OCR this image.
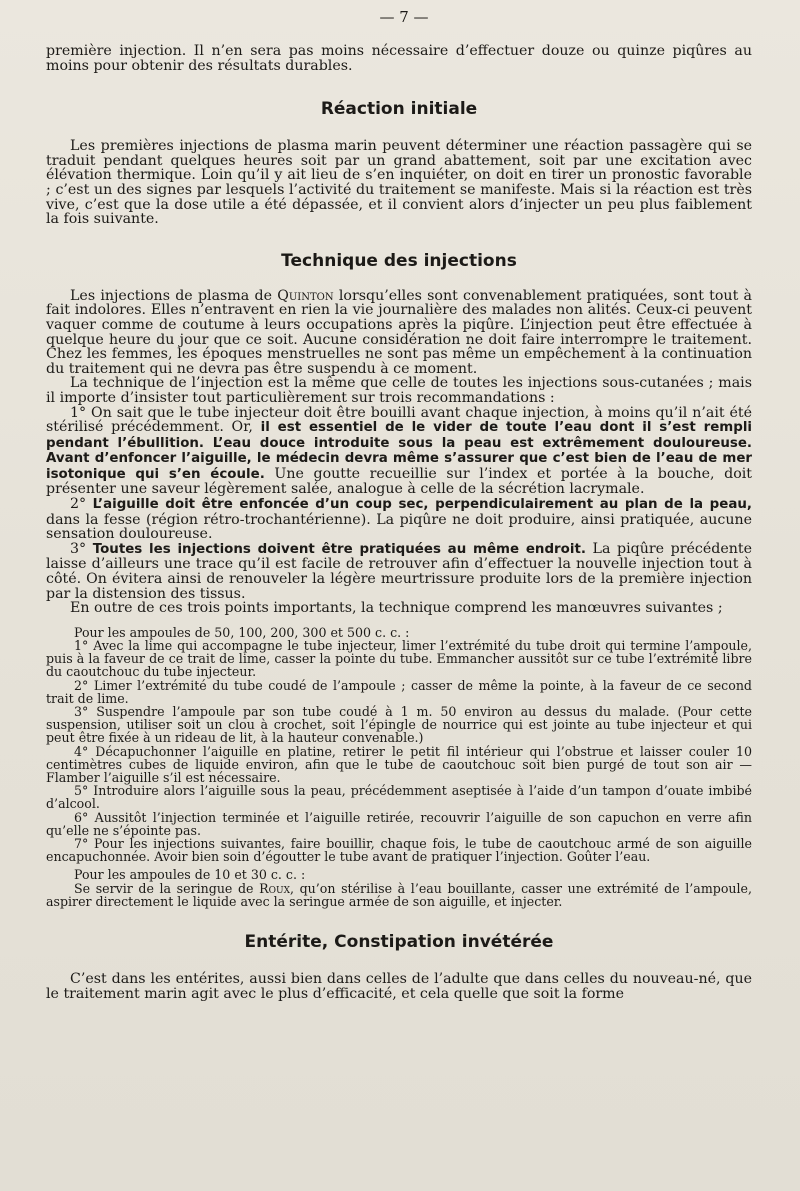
— 7 —

première injection. Il n’en sera pas moins nécessaire d’effectuer douze ou quinze piqûres au moins pour obtenir des résultats durables.

Réaction initiale

Les premières injections de plasma marin peuvent déterminer une réaction passagère qui se traduit pendant quelques heures soit par un grand abattement, soit par une excitation avec élévation thermique. Loin qu’il y ait lieu de s’en inquiéter, on doit en tirer un pronostic favorable ; c’est un des signes par lesquels l’activité du traitement se manifeste. Mais si la réaction est très vive, c’est que la dose utile a été dépassée, et il convient alors d’injecter un peu plus faiblement la fois suivante.

Technique des injections

Les injections de plasma de Quinton lorsqu’elles sont convenablement pratiquées, sont tout à fait indolores. Elles n’entravent en rien la vie journalière des malades non alités. Ceux-ci peuvent vaquer comme de coutume à leurs occupations après la piqûre. L’injection peut être effectuée à quelque heure du jour que ce soit. Aucune considération ne doit faire interrompre le traitement. Chez les femmes, les époques menstruelles ne sont pas même un empêchement à la continuation du traitement qui ne devra pas être suspendu à ce moment.

La technique de l’injection est la même que celle de toutes les injections sous-cutanées ; mais il importe d’insister tout particulièrement sur trois recommandations :

1° On sait que le tube injecteur doit être bouilli avant chaque injection, à moins qu’il n’ait été stérilisé précédemment. Or, il est essentiel de le vider de toute l’eau dont il s’est rempli pendant l’ébullition. L’eau douce introduite sous la peau est extrêmement douloureuse. Avant d’enfoncer l’aiguille, le médecin devra même s’assurer que c’est bien de l’eau de mer isotonique qui s’en écoule. Une goutte recueillie sur l’index et portée à la bouche, doit présenter une saveur légèrement salée, analogue à celle de la sécrétion lacrymale.

2° L’aiguille doit être enfoncée d’un coup sec, perpendiculairement au plan de la peau, dans la fesse (région rétro-trochantérienne). La piqûre ne doit produire, ainsi pratiquée, aucune sensation douloureuse.

3° Toutes les injections doivent être pratiquées au même endroit. La piqûre précédente laisse d’ailleurs une trace qu’il est facile de retrouver afin d’effectuer la nouvelle injection tout à côté. On évitera ainsi de renouveler la légère meurtrissure produite lors de la première injection par la distension des tissus.

En outre de ces trois points importants, la technique comprend les manœuvres suivantes ;

Pour les ampoules de 50, 100, 200, 300 et 500 c. c. :

1° Avec la lime qui accompagne le tube injecteur, limer l’extrémité du tube droit qui termine l’ampoule, puis à la faveur de ce trait de lime, casser la pointe du tube. Emmancher aussitôt sur ce tube l’extrémité libre du caoutchouc du tube injecteur.

2° Limer l’extrémité du tube coudé de l’ampoule ; casser de même la pointe, à la faveur de ce second trait de lime.

3° Suspendre l’ampoule par son tube coudé à 1 m. 50 environ au dessus du malade. (Pour cette suspension, utiliser soit un clou à crochet, soit l’épingle de nourrice qui est jointe au tube injecteur et qui peut être fixée à un rideau de lit, à la hauteur convenable.)

4° Décapuchonner l’aiguille en platine, retirer le petit fil intérieur qui l’obstrue et laisser couler 10 centimètres cubes de liquide environ, afin que le tube de caoutchouc soit bien purgé de tout son air — Flamber l’aiguille s’il est nécessaire.

5° Introduire alors l’aiguille sous la peau, précédemment aseptisée à l’aide d’un tampon d’ouate imbibé d’alcool.

6° Aussitôt l’injection terminée et l’aiguille retirée, recouvrir l’aiguille de son capuchon en verre afin qu’elle ne s’épointe pas.

7° Pour les injections suivantes, faire bouillir, chaque fois, le tube de caoutchouc armé de son aiguille encapuchonnée. Avoir bien soin d’égoutter le tube avant de pratiquer l’injection. Goûter l’eau.

Pour les ampoules de 10 et 30 c. c. :

Se servir de la seringue de Roux, qu’on stérilise à l’eau bouillante, casser une extrémité de l’ampoule, aspirer directement le liquide avec la seringue armée de son aiguille, et injecter.

Entérite, Constipation invétérée

C’est dans les entérites, aussi bien dans celles de l’adulte que dans celles du nouveau-né, que le traitement marin agit avec le plus d’efficacité, et cela quelle que soit la forme
